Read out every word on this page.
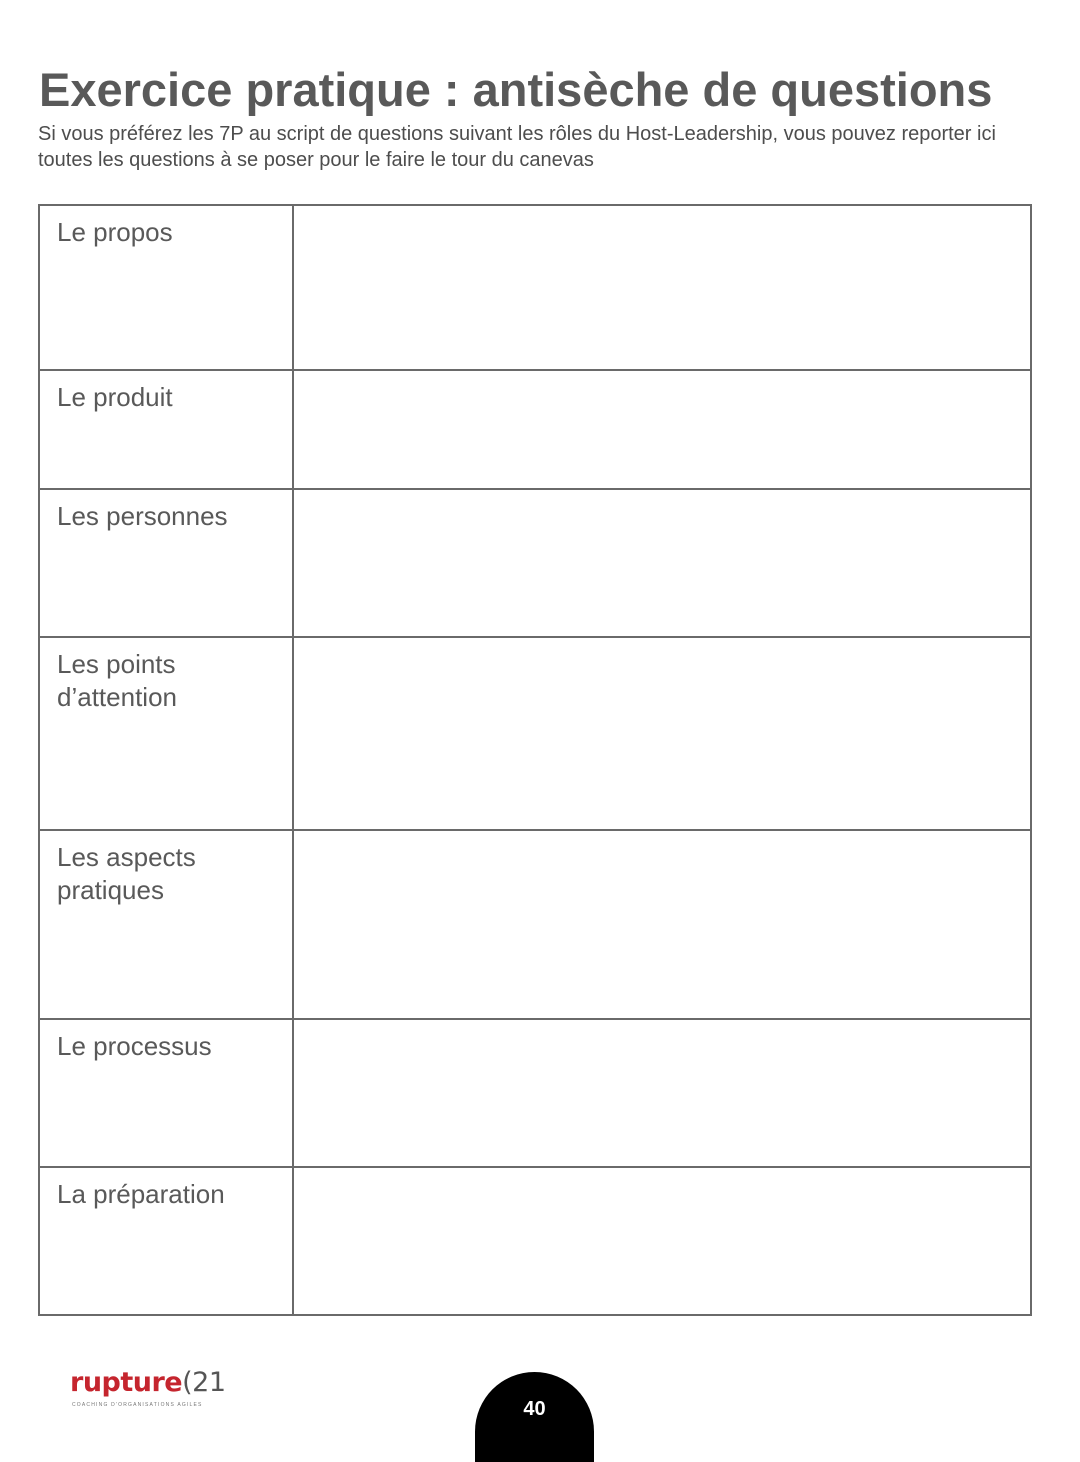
Exercice pratique : antisèche de questions

Si vous préférez les 7P au script de questions suivant les rôles du Host-Leadership, vous pouvez reporter ici toutes les questions à se poser pour le faire le tour du canevas

Le propos	
Le produit	
Les personnes	
Les points d’attention	
Les aspects pratiques	
Le processus	
La préparation	
rupture(21
COACHING D'ORGANISATIONS AGILES	40
